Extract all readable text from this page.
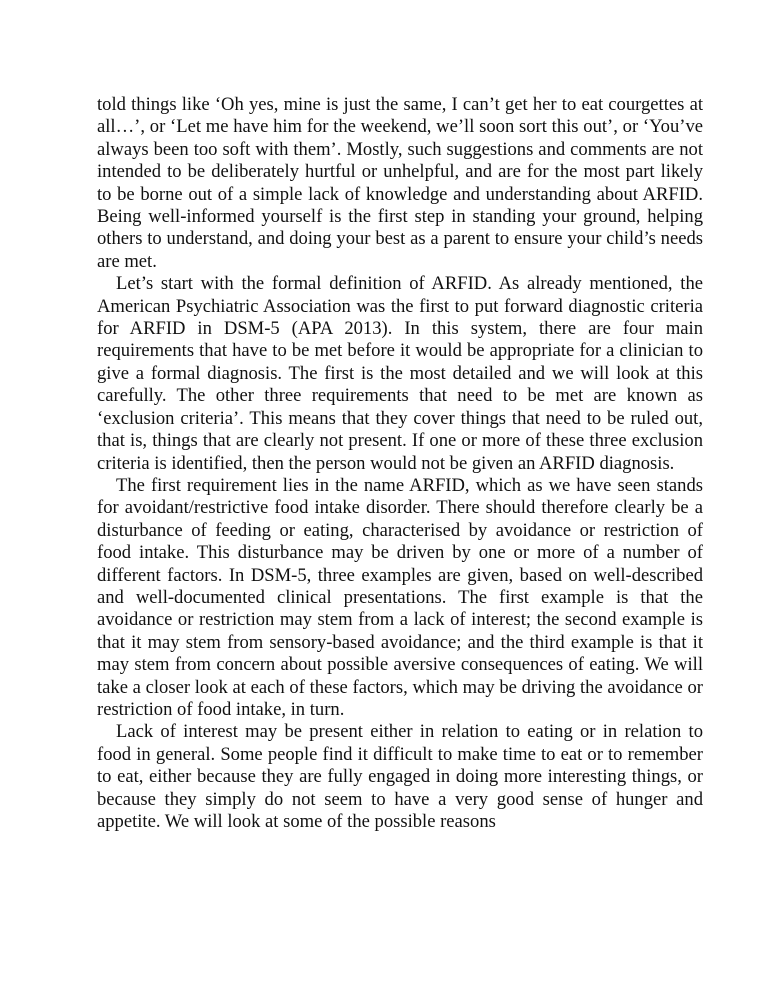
told things like ‘Oh yes, mine is just the same, I can’t get her to eat courgettes at all…’, or ‘Let me have him for the weekend, we’ll soon sort this out’, or ‘You’ve always been too soft with them’. Mostly, such suggestions and comments are not intended to be deliberately hurtful or unhelpful, and are for the most part likely to be borne out of a simple lack of knowledge and understanding about ARFID. Being well-informed yourself is the first step in standing your ground, helping others to understand, and doing your best as a parent to ensure your child’s needs are met.

Let’s start with the formal definition of ARFID. As already mentioned, the American Psychiatric Association was the first to put forward diagnostic criteria for ARFID in DSM-5 (APA 2013). In this system, there are four main requirements that have to be met before it would be appropriate for a clinician to give a formal diagnosis. The first is the most detailed and we will look at this carefully. The other three requirements that need to be met are known as ‘exclusion criteria’. This means that they cover things that need to be ruled out, that is, things that are clearly not present. If one or more of these three exclusion criteria is identified, then the person would not be given an ARFID diagnosis.

The first requirement lies in the name ARFID, which as we have seen stands for avoidant/restrictive food intake disorder. There should therefore clearly be a disturbance of feeding or eating, characterised by avoidance or restriction of food intake. This disturbance may be driven by one or more of a number of different factors. In DSM-5, three examples are given, based on well-described and well-documented clinical presentations. The first example is that the avoidance or restriction may stem from a lack of interest; the second example is that it may stem from sensory-based avoidance; and the third example is that it may stem from concern about possible aversive consequences of eating. We will take a closer look at each of these factors, which may be driving the avoidance or restriction of food intake, in turn.

Lack of interest may be present either in relation to eating or in relation to food in general. Some people find it difficult to make time to eat or to remember to eat, either because they are fully engaged in doing more interesting things, or because they simply do not seem to have a very good sense of hunger and appetite. We will look at some of the possible reasons
